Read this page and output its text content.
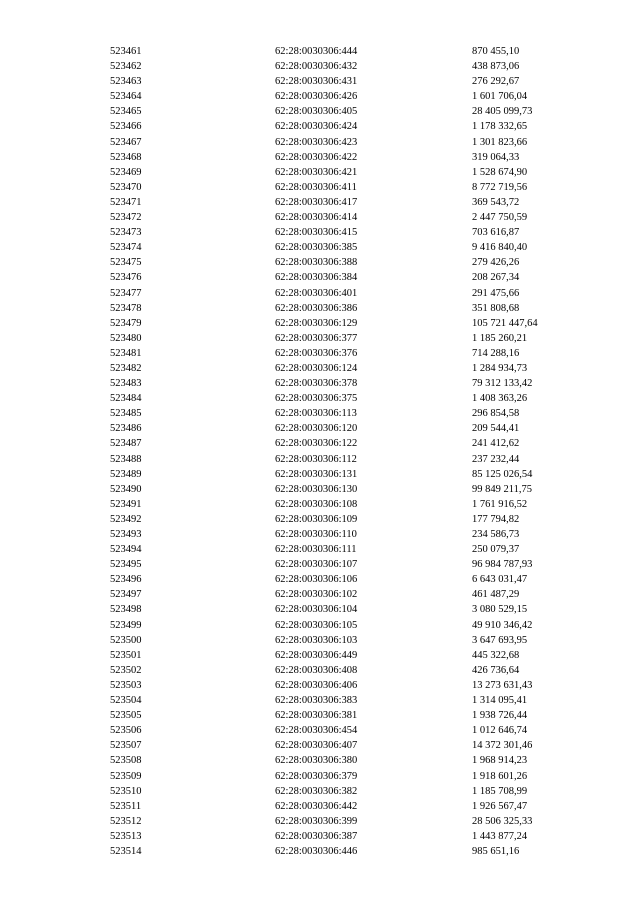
523461	62:28:0030306:444	870 455,10
523462	62:28:0030306:432	438 873,06
523463	62:28:0030306:431	276 292,67
523464	62:28:0030306:426	1 601 706,04
523465	62:28:0030306:405	28 405 099,73
523466	62:28:0030306:424	1 178 332,65
523467	62:28:0030306:423	1 301 823,66
523468	62:28:0030306:422	319 064,33
523469	62:28:0030306:421	1 528 674,90
523470	62:28:0030306:411	8 772 719,56
523471	62:28:0030306:417	369 543,72
523472	62:28:0030306:414	2 447 750,59
523473	62:28:0030306:415	703 616,87
523474	62:28:0030306:385	9 416 840,40
523475	62:28:0030306:388	279 426,26
523476	62:28:0030306:384	208 267,34
523477	62:28:0030306:401	291 475,66
523478	62:28:0030306:386	351 808,68
523479	62:28:0030306:129	105 721 447,64
523480	62:28:0030306:377	1 185 260,21
523481	62:28:0030306:376	714 288,16
523482	62:28:0030306:124	1 284 934,73
523483	62:28:0030306:378	79 312 133,42
523484	62:28:0030306:375	1 408 363,26
523485	62:28:0030306:113	296 854,58
523486	62:28:0030306:120	209 544,41
523487	62:28:0030306:122	241 412,62
523488	62:28:0030306:112	237 232,44
523489	62:28:0030306:131	85 125 026,54
523490	62:28:0030306:130	99 849 211,75
523491	62:28:0030306:108	1 761 916,52
523492	62:28:0030306:109	177 794,82
523493	62:28:0030306:110	234 586,73
523494	62:28:0030306:111	250 079,37
523495	62:28:0030306:107	96 984 787,93
523496	62:28:0030306:106	6 643 031,47
523497	62:28:0030306:102	461 487,29
523498	62:28:0030306:104	3 080 529,15
523499	62:28:0030306:105	49 910 346,42
523500	62:28:0030306:103	3 647 693,95
523501	62:28:0030306:449	445 322,68
523502	62:28:0030306:408	426 736,64
523503	62:28:0030306:406	13 273 631,43
523504	62:28:0030306:383	1 314 095,41
523505	62:28:0030306:381	1 938 726,44
523506	62:28:0030306:454	1 012 646,74
523507	62:28:0030306:407	14 372 301,46
523508	62:28:0030306:380	1 968 914,23
523509	62:28:0030306:379	1 918 601,26
523510	62:28:0030306:382	1 185 708,99
523511	62:28:0030306:442	1 926 567,47
523512	62:28:0030306:399	28 506 325,33
523513	62:28:0030306:387	1 443 877,24
523514	62:28:0030306:446	985 651,16
